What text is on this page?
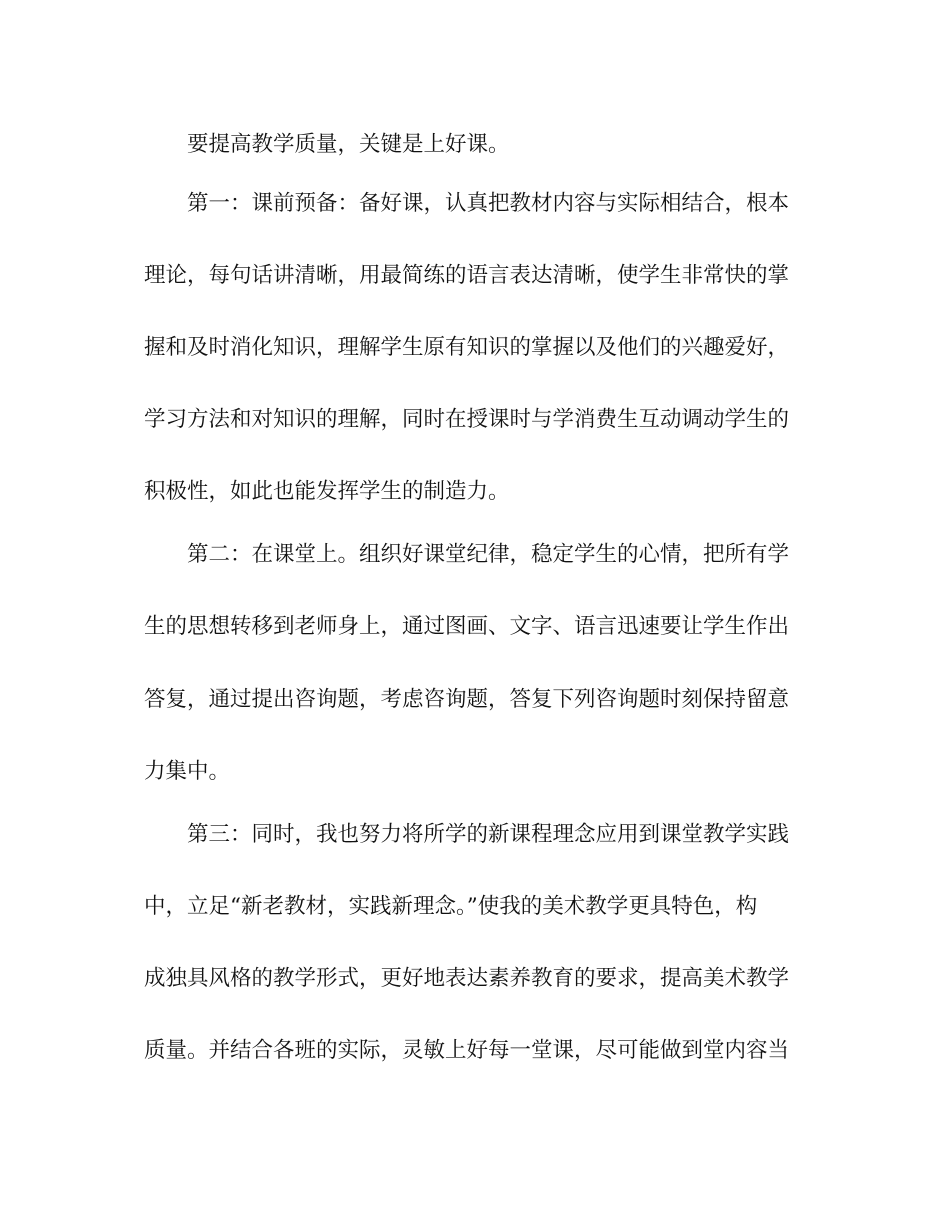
要提高教学质量，关键是上好课。
第一：课前预备：备好课，认真把教材内容与实际相结合，根本
理论，每句话讲清晰，用最简练的语言表达清晰，使学生非常快的掌
握和及时消化知识，理解学生原有知识的掌握以及他们的兴趣爱好，
学习方法和对知识的理解，同时在授课时与学消费生互动调动学生的
积极性，如此也能发挥学生的制造力。
第二：在课堂上。组织好课堂纪律，稳定学生的心情，把所有学
生的思想转移到老师身上，通过图画、文字、语言迅速要让学生作出
答复，通过提出咨询题，考虑咨询题，答复下列咨询题时刻保持留意
力集中。
第三：同时，我也努力将所学的新课程理念应用到课堂教学实践
中，立足“新老教材，实践新理念。”使我的美术教学更具特色，构
成独具风格的教学形式，更好地表达素养教育的要求，提高美术教学
质量。并结合各班的实际，灵敏上好每一堂课，尽可能做到堂内容当
